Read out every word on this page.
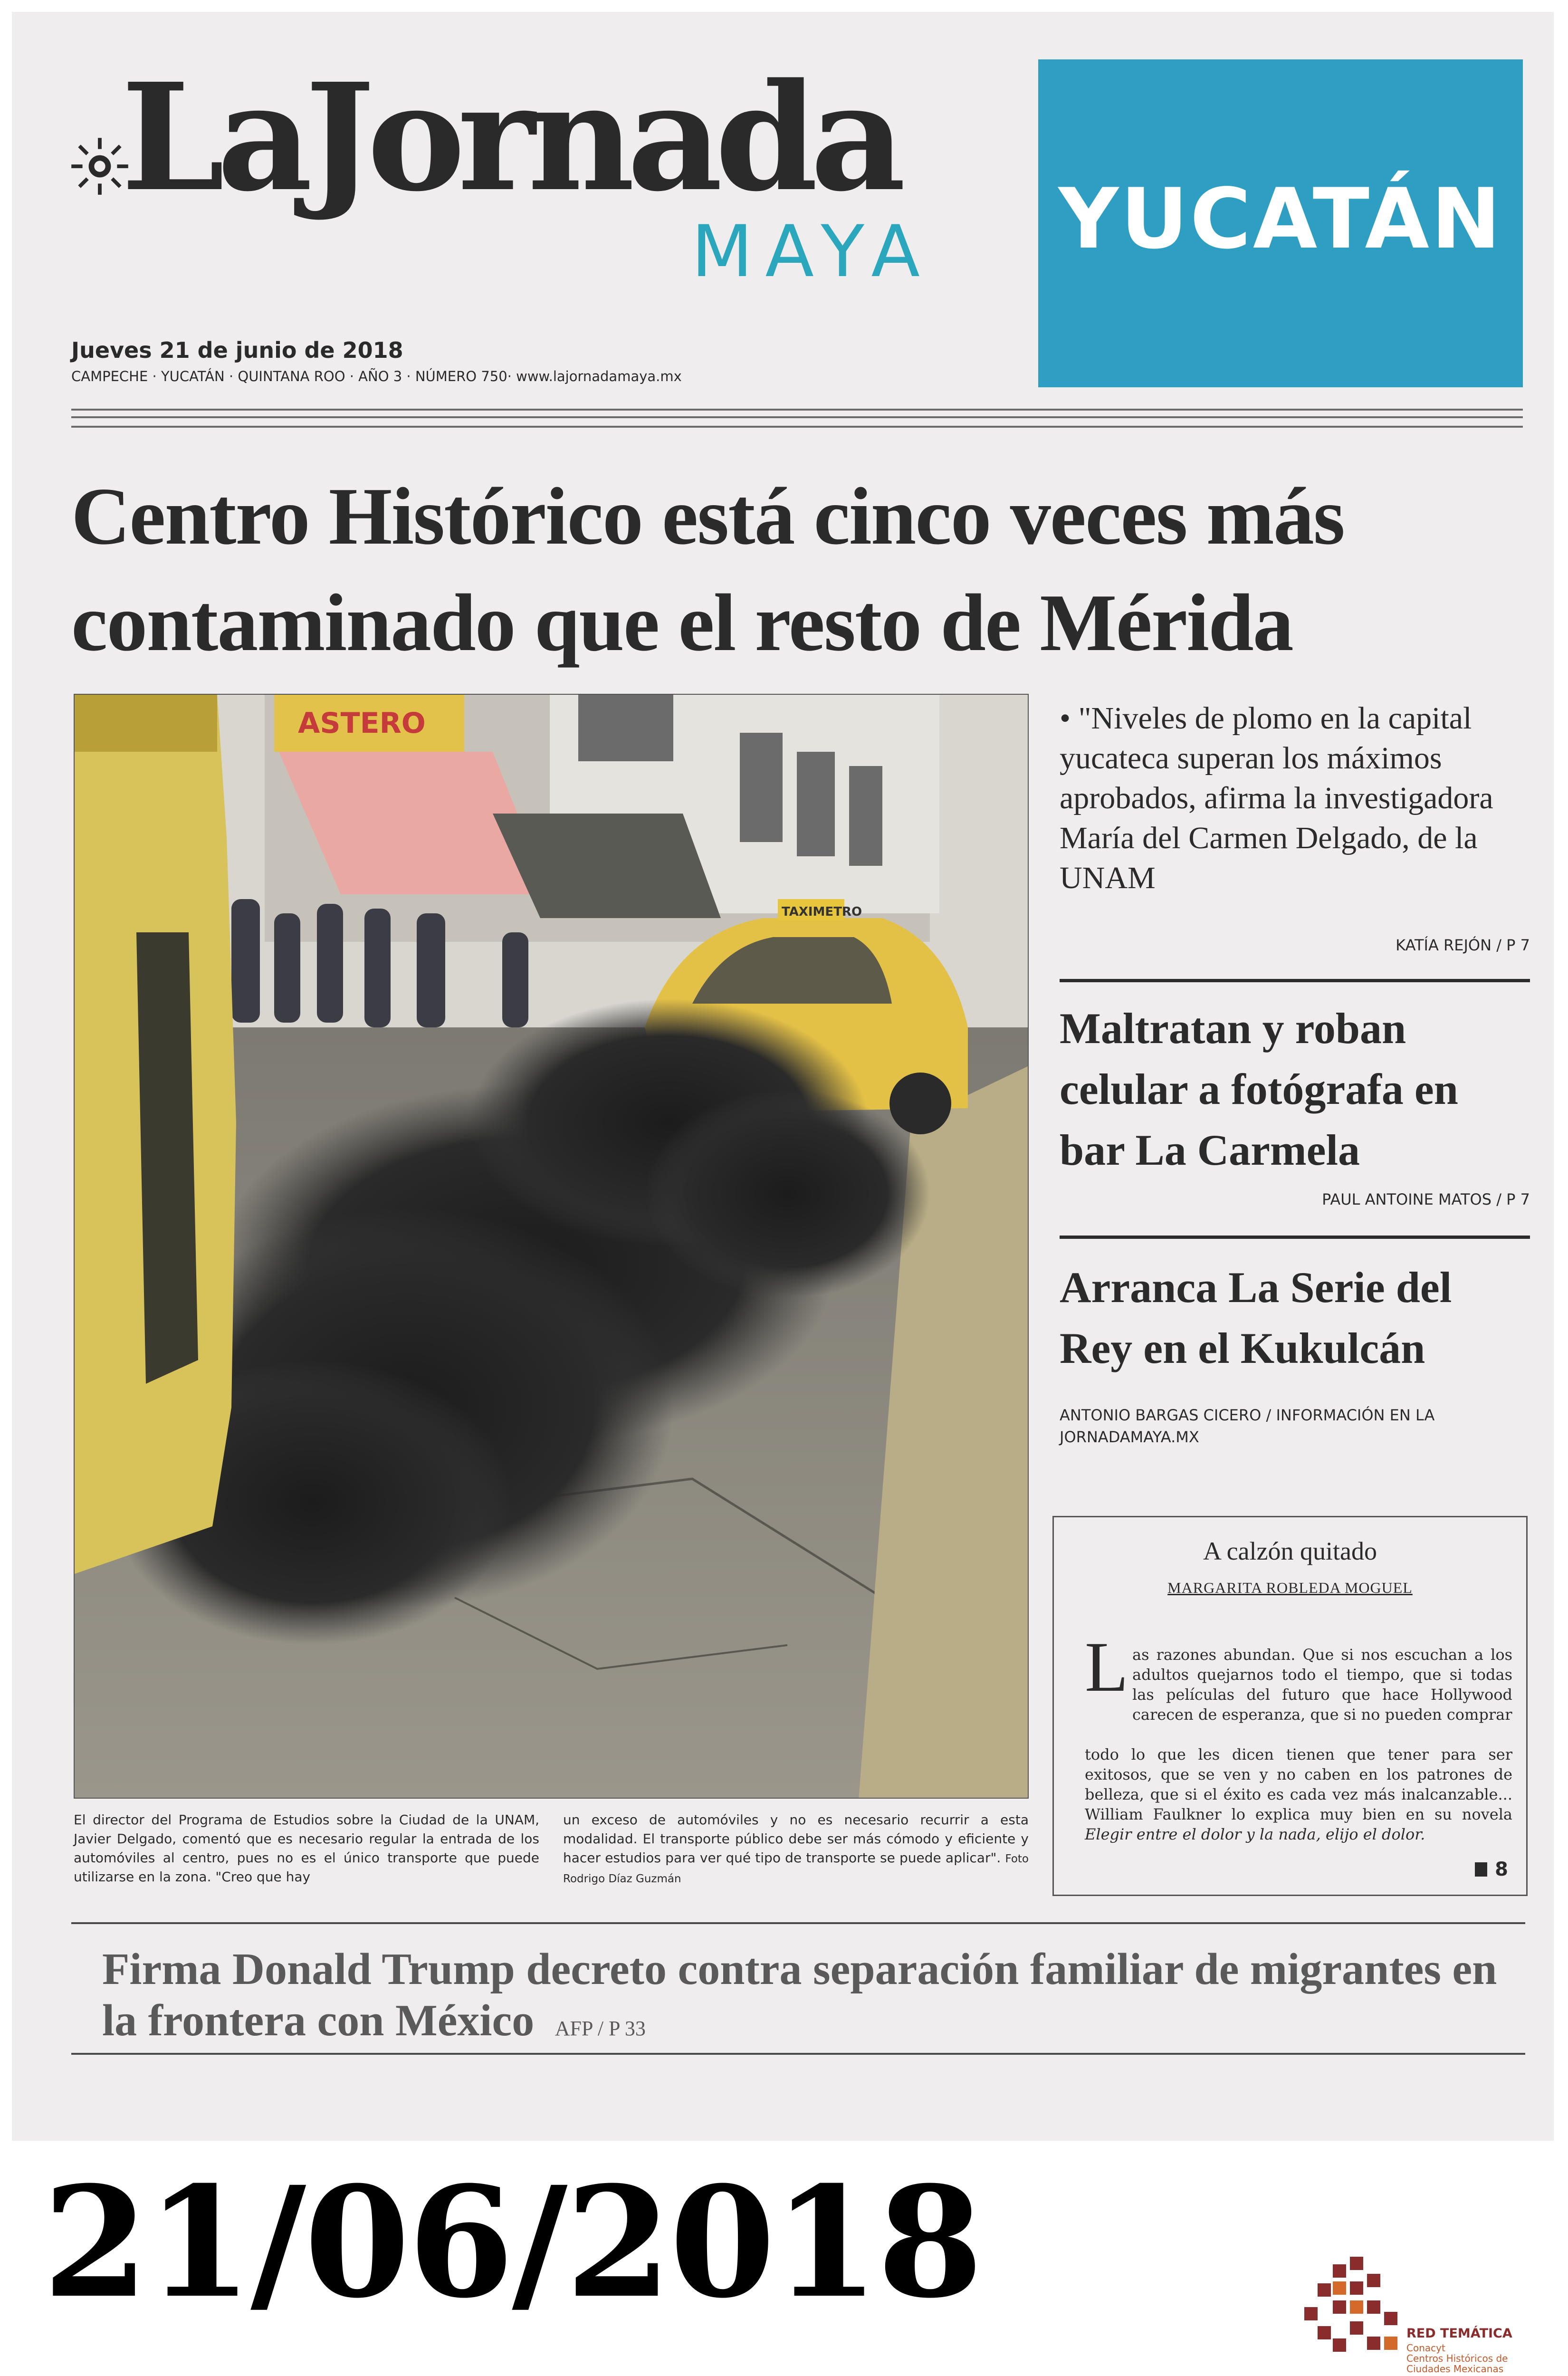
LaJornada
MAYA YUCATÁN
Jueves 21 de junio de 2018
CAMPECHE · YUCATÁN · QUINTANA ROO · AÑO 3 · NÚMERO 750· www.lajornadamaya.mx
Centro Histórico está cinco veces más contaminado que el resto de Mérida
ASTERO
TAXIMETRO
El director del Programa de Estudios sobre la Ciudad de la UNAM, Javier Delgado, comentó que es necesario regular la entrada de los automóviles al centro, pues no es el único transporte que puede utilizarse en la zona. "Creo que hay
un exceso de automóviles y no es necesario recurrir a esta modalidad. El transporte público debe ser más cómodo y eficiente y hacer estudios para ver qué tipo de transporte se puede aplicar". Foto Rodrigo Díaz Guzmán
• "Niveles de plomo en la capital yucateca superan los máximos aprobados, afirma la investigadora María del Carmen Delgado, de la UNAM
KATÍA REJÓN / P 7
Maltratan y roban celular a fotógrafa en bar La Carmela
PAUL ANTOINE MATOS / P 7
Arranca La Serie del Rey en el Kukulcán
ANTONIO BARGAS CICERO / INFORMACIÓN EN LA JORNADAMAYA.MX
A calzón quitado
MARGARITA ROBLEDA MOGUEL
L as razones abundan. Que si nos escuchan a los adultos quejarnos todo el tiempo, que si todas las películas del futuro que hace Hollywood carecen de esperanza, que si no pueden comprar
todo lo que les dicen tienen que tener para ser exitosos, que se ven y no caben en los patrones de belleza, que si el éxito es cada vez más inalcanzable... William Faulkner lo explica muy bien en su novela Elegir entre el dolor y la nada, elijo el dolor.
8
Firma Donald Trump decreto contra separación familiar de migrantes en la frontera con México AFP / P 33
21/06/2018
RED TEMÁTICA
Conacyt
Centros Históricos de Ciudades Mexicanas
